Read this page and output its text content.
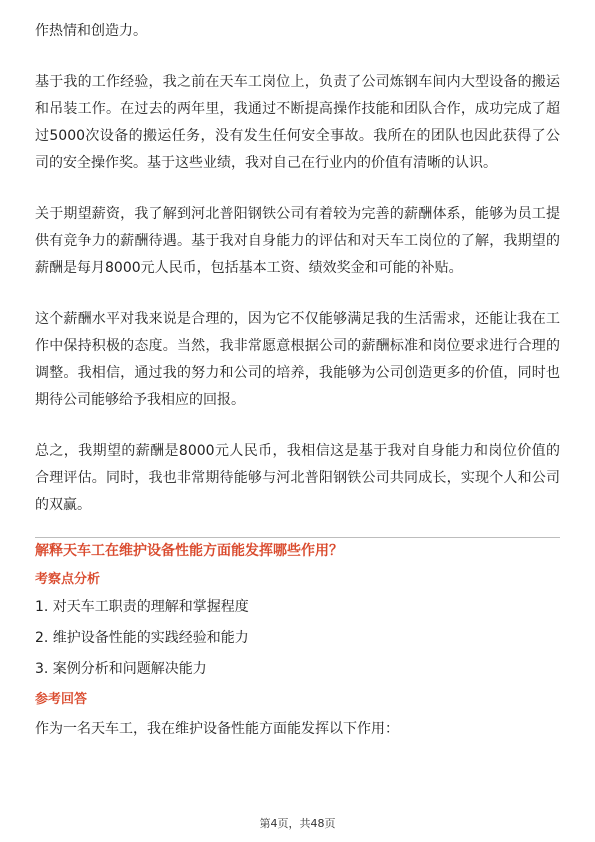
作热情和创造力。

基于我的工作经验，我之前在天车工岗位上，负责了公司炼钢车间内大型设备的搬运和吊装工作。在过去的两年里，我通过不断提高操作技能和团队合作，成功完成了超过5000次设备的搬运任务，没有发生任何安全事故。我所在的团队也因此获得了公司的安全操作奖。基于这些业绩，我对自己在行业内的价值有清晰的认识。

关于期望薪资，我了解到河北普阳钢铁公司有着较为完善的薪酬体系，能够为员工提供有竞争力的薪酬待遇。基于我对自身能力的评估和对天车工岗位的了解，我期望的薪酬是每月8000元人民币，包括基本工资、绩效奖金和可能的补贴。

这个薪酬水平对我来说是合理的，因为它不仅能够满足我的生活需求，还能让我在工作中保持积极的态度。当然，我非常愿意根据公司的薪酬标准和岗位要求进行合理的调整。我相信，通过我的努力和公司的培养，我能够为公司创造更多的价值，同时也期待公司能够给予我相应的回报。

总之，我期望的薪酬是8000元人民币，我相信这是基于我对自身能力和岗位价值的合理评估。同时，我也非常期待能够与河北普阳钢铁公司共同成长，实现个人和公司的双赢。

解释天车工在维护设备性能方面能发挥哪些作用？

考察点分析

1. 对天车工职责的理解和掌握程度

2. 维护设备性能的实践经验和能力

3. 案例分析和问题解决能力

参考回答

作为一名天车工，我在维护设备性能方面能发挥以下作用：

第4页，共48页
